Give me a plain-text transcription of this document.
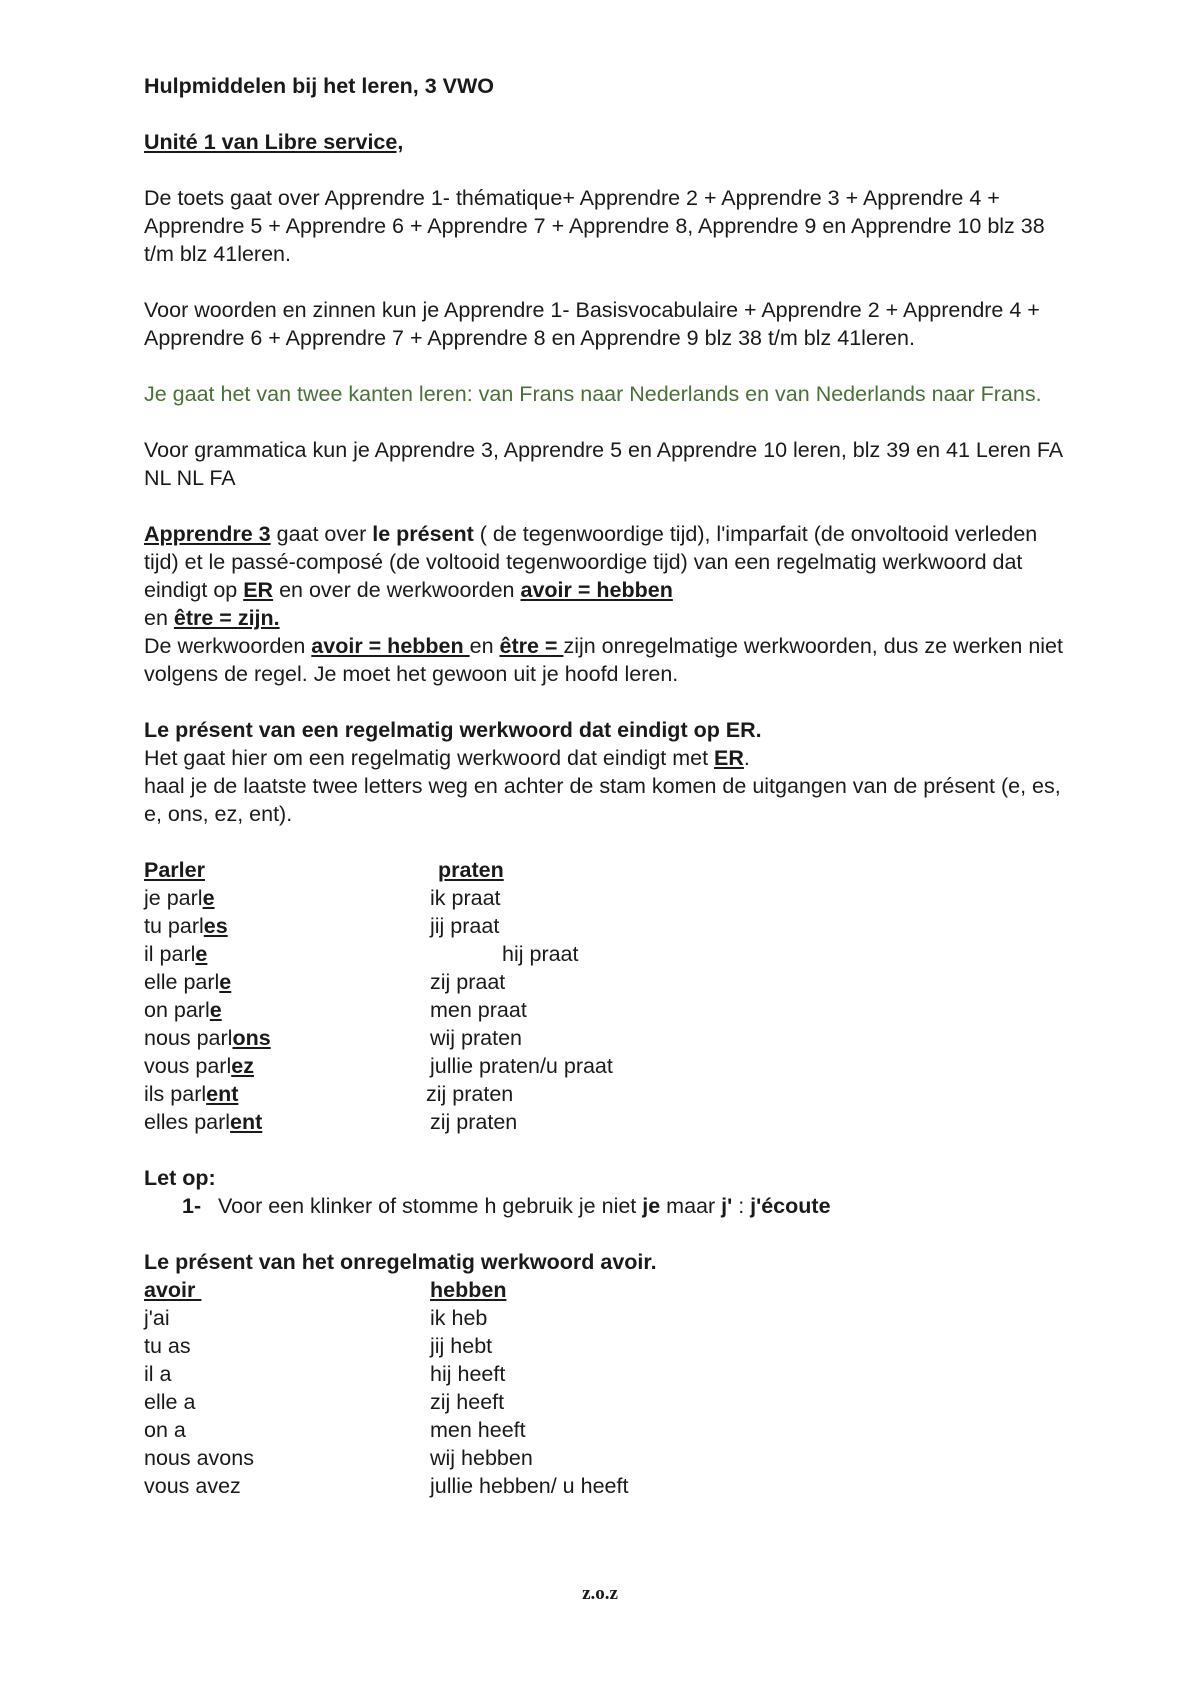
Hulpmiddelen bij het leren, 3 VWO

Unité 1 van Libre service,

De toets gaat over Apprendre 1- thématique+ Apprendre 2 + Apprendre 3 + Apprendre 4 + Apprendre 5 + Apprendre 6 + Apprendre 7 + Apprendre 8, Apprendre 9 en Apprendre 10 blz 38 t/m blz 41leren.

Voor woorden en zinnen kun je Apprendre 1- Basisvocabulaire + Apprendre 2 + Apprendre 4 + Apprendre 6 + Apprendre 7 + Apprendre 8 en Apprendre 9 blz 38 t/m blz 41leren.

Je gaat het van twee kanten leren: van Frans naar Nederlands en van Nederlands naar Frans.

Voor grammatica kun je Apprendre 3, Apprendre 5 en Apprendre 10 leren, blz 39 en 41 Leren FA NL NL FA

Apprendre 3 gaat over le présent ( de tegenwoordige tijd), l'imparfait (de onvoltooid verleden tijd) et le passé-composé (de voltooid tegenwoordige tijd) van een regelmatig werkwoord dat eindigt op ER en over de werkwoorden avoir = hebben
en être = zijn.

De werkwoorden avoir = hebben en être = zijn onregelmatige werkwoorden, dus ze werken niet volgens de regel. Je moet het gewoon uit je hoofd leren.

Le présent van een regelmatig werkwoord dat eindigt op ER.

Het gaat hier om een regelmatig werkwoord dat eindigt met ER.

haal je de laatste twee letters weg en achter de stam komen de uitgangen van de présent (e, es, e, ons, ez, ent).

Parler	praten
je parle	ik praat
tu parles	jij praat
il parle	hij praat
elle parle	zij praat
on parle	men praat
nous parlons	wij praten
vous parlez	jullie praten/u praat
ils parlent	zij praten
elles parlent	zij praten

Let op:

1- Voor een klinker of stomme h gebruik je niet je maar j' : j'écoute

Le présent van het onregelmatig werkwoord avoir.

avoir	hebben
j'ai	ik heb
tu as	jij hebt
il a	hij heeft
elle a	zij heeft
on a	men heeft
nous avons	wij hebben
vous avez	jullie hebben/ u heeft
z.o.z
